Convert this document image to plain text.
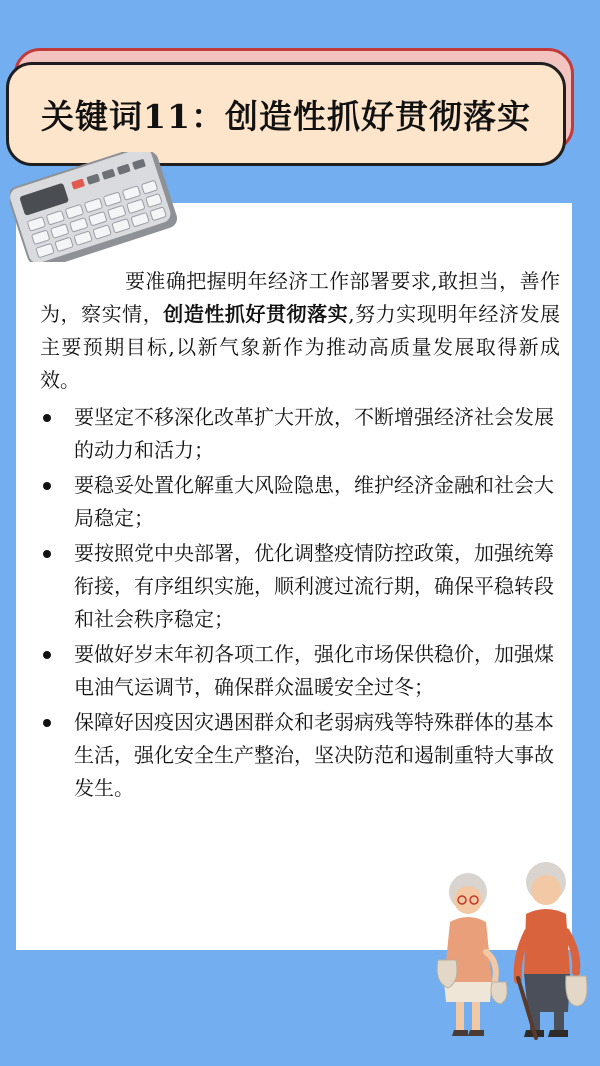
关键词11：创造性抓好贯彻落实

要准确把握明年经济工作部署要求,敢担当，善作为，察实情，创造性抓好贯彻落实,努力实现明年经济发展主要预期目标,以新气象新作为推动高质量发展取得新成效。

要坚定不移深化改革扩大开放，不断增强经济社会发展的动力和活力；
要稳妥处置化解重大风险隐患，维护经济金融和社会大局稳定；
要按照党中央部署，优化调整疫情防控政策，加强统筹衔接，有序组织实施，顺利渡过流行期，确保平稳转段和社会秩序稳定；
要做好岁末年初各项工作，强化市场保供稳价，加强煤电油气运调节，确保群众温暖安全过冬；
保障好因疫因灾遇困群众和老弱病残等特殊群体的基本生活，强化安全生产整治，坚决防范和遏制重特大事故发生。
